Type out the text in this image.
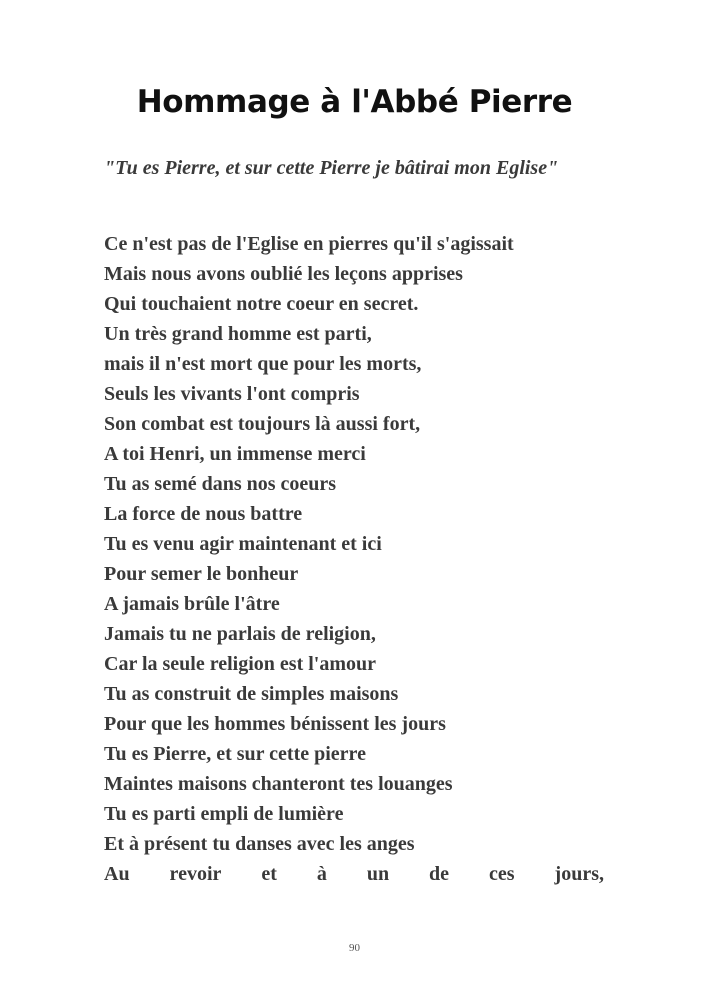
Hommage à l'Abbé Pierre

"Tu es Pierre, et sur cette Pierre je bâtirai mon Eglise"

Ce n'est pas de l'Eglise en pierres qu'il s'agissait
Mais nous avons oublié les leçons apprises
Qui touchaient notre coeur en secret.
Un très grand homme est parti,
mais il n'est mort que pour les morts,
Seuls les vivants l'ont compris
Son combat est toujours là aussi fort,
A toi Henri, un immense merci
Tu as semé dans nos coeurs
La force de nous battre
Tu es venu agir maintenant et ici
Pour semer le bonheur
A jamais brûle l'âtre
Jamais tu ne parlais de religion,
Car la seule religion est l'amour
Tu as construit de simples maisons
Pour que les hommes bénissent les jours
Tu es Pierre, et sur cette pierre
Maintes maisons chanteront tes louanges
Tu es parti empli de lumière
Et à présent tu danses avec les anges
Au revoir et à un de ces jours,
90
